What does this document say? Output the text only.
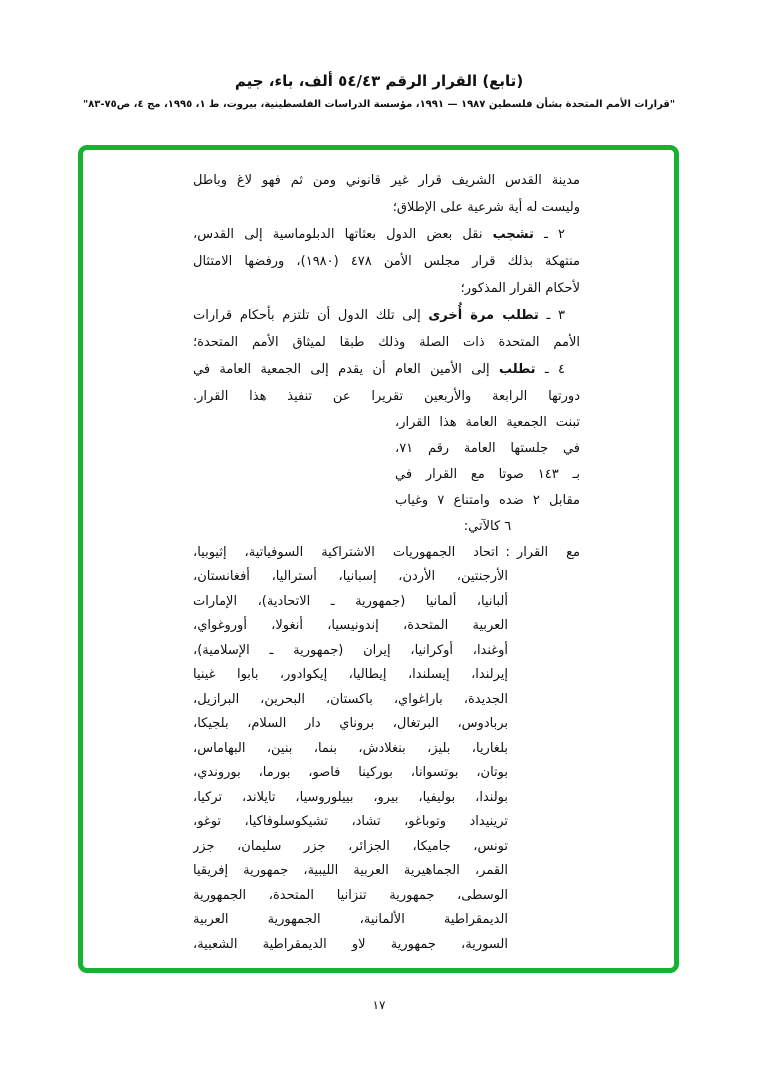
(تابع) القرار الرقم ٥٤/٤٣ ألف، باء، جيم
"قرارات الأمم المتحدة بشأن فلسطين ١٩٨٧ — ١٩٩١، مؤسسة الدراسات الفلسطينية، بيروت، ط ١، ١٩٩٥، مج ٤، ص٧٥-٨٣"
مدينة القدس الشريف قرار غير قانوني ومن ثم فهو لاغ وباطل
وليست له أية شرعية على الإطلاق؛
٢ ـ تشجب نقل بعض الدول بعثاتها الدبلوماسية إلى القدس،
منتهكة بذلك قرار مجلس الأمن ٤٧٨ (١٩٨٠)، ورفضها الامتثال
لأحكام القرار المذكور؛
٣ ـ تطلب مرة أُخرى إلى تلك الدول أن تلتزم بأحكام قرارات
الأمم المتحدة ذات الصلة وذلك طبقا لميثاق الأمم المتحدة؛
٤ ـ تطلب إلى الأمين العام أن يقدم إلى الجمعية العامة في
دورتها الرابعة والأربعين تقريرا عن تنفيذ هذا القرار.
تبنت الجمعية العامة هذا القرار،
في جلستها العامة رقم ٧١،
بـ ١٤٣ صوتا مع القرار في
مقابل ٢ ضده وامتناع ٧ وغياب
٦ كالآتي:
مع القرار:اتحاد الجمهوريات الاشتراكية السوفياتية، إثيوبيا،
الأرجنتين، الأردن، إسبانيا، أستراليا، أفغانستان،
ألبانيا، ألمانيا (جمهورية ـ الاتحادية)، الإمارات
العربية المتحدة، إندونيسيا، أنغولا، أوروغواي،
أوغندا، أوكرانيا، إيران (جمهورية ـ الإسلامية)،
إيرلندا، إيسلندا، إيطاليا، إيكوادور، بابوا غينيا
الجديدة، باراغواي، باكستان، البحرين، البرازيل،
بربادوس، البرتغال، بروناي دار السلام، بلجيكا،
بلغاريا، بليز، بنغلادش، بنما، بنين، البهاماس،
بوتان، بوتسوانا، بوركينا فاصو، بورما، بوروندي،
بولندا، بوليفيا، بيرو، بييلوروسيا، تايلاند، تركيا،
ترينيداد وتوباغو، تشاد، تشيكوسلوفاكيا، توغو،
تونس، جاميكا، الجزائر، جزر سليمان، جزر
القمر، الجماهيرية العربية الليبية، جمهورية إفريقيا
الوسطى، جمهورية تنزانيا المتحدة، الجمهورية
الديمقراطية الألمانية، الجمهورية العربية
السورية، جمهورية لاو الديمقراطية الشعبية،
١٧
